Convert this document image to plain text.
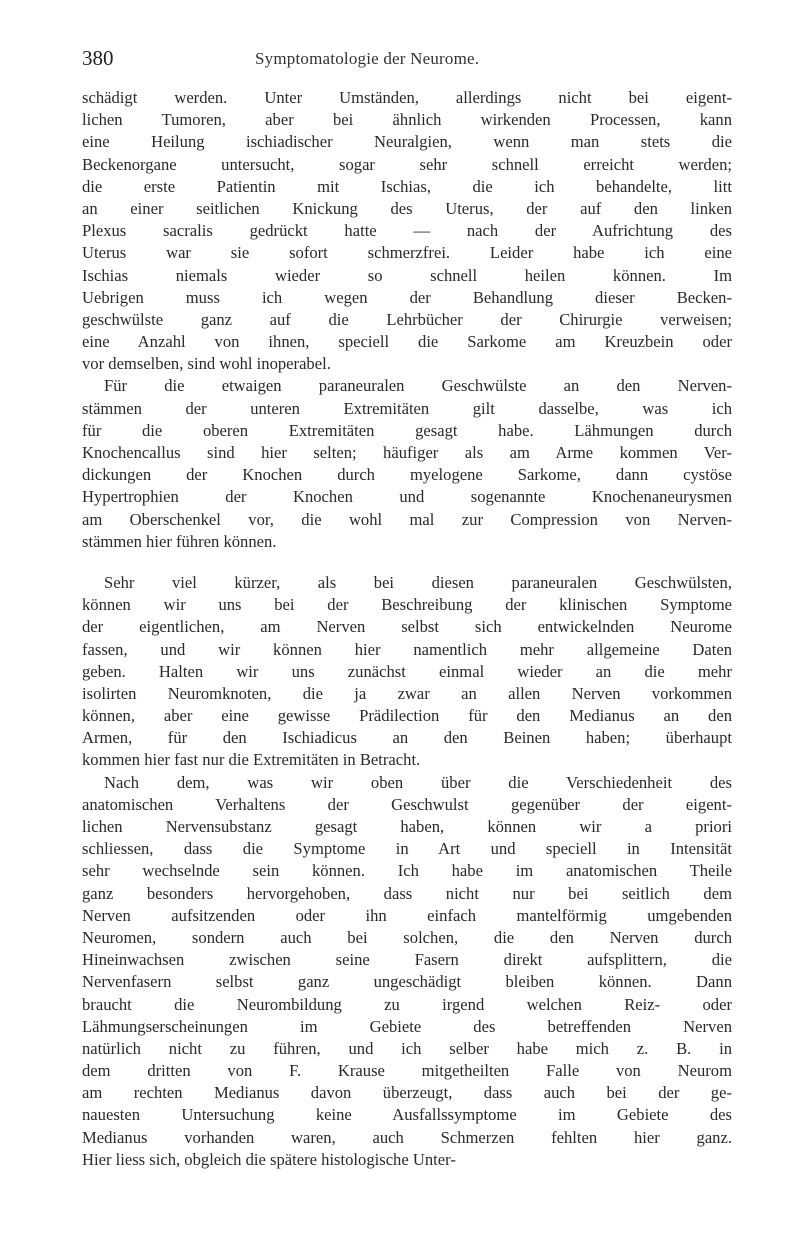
380	Symptomatologie der Neurome.
schädigt werden. Unter Umständen, allerdings nicht bei eigent-
lichen Tumoren, aber bei ähnlich wirkenden Processen, kann
eine Heilung ischiadischer Neuralgien, wenn man stets die
Beckenorgane untersucht, sogar sehr schnell erreicht werden;
die erste Patientin mit Ischias, die ich behandelte, litt
an einer seitlichen Knickung des Uterus, der auf den linken
Plexus sacralis gedrückt hatte — nach der Aufrichtung des
Uterus war sie sofort schmerzfrei. Leider habe ich eine
Ischias niemals wieder so schnell heilen können. Im
Uebrigen muss ich wegen der Behandlung dieser Becken-
geschwülste ganz auf die Lehrbücher der Chirurgie verweisen;
eine Anzahl von ihnen, speciell die Sarkome am Kreuzbein oder
vor demselben, sind wohl inoperabel.
Für die etwaigen paraneuralen Geschwülste an den Nerven-
stämmen der unteren Extremitäten gilt dasselbe, was ich
für die oberen Extremitäten gesagt habe. Lähmungen durch
Knochencallus sind hier selten; häufiger als am Arme kommen Ver-
dickungen der Knochen durch myelogene Sarkome, dann cystöse
Hypertrophien der Knochen und sogenannte Knochenaneurysmen
am Oberschenkel vor, die wohl mal zur Compression von Nerven-
stämmen hier führen können.
Sehr viel kürzer, als bei diesen paraneuralen Geschwülsten,
können wir uns bei der Beschreibung der klinischen Symptome
der eigentlichen, am Nerven selbst sich entwickelnden Neurome
fassen, und wir können hier namentlich mehr allgemeine Daten
geben. Halten wir uns zunächst einmal wieder an die mehr
isolirten Neuromknoten, die ja zwar an allen Nerven vorkommen
können, aber eine gewisse Prädilection für den Medianus an den
Armen, für den Ischiadicus an den Beinen haben; überhaupt
kommen hier fast nur die Extremitäten in Betracht.
Nach dem, was wir oben über die Verschiedenheit des
anatomischen Verhaltens der Geschwulst gegenüber der eigent-
lichen Nervensubstanz gesagt haben, können wir a priori
schliessen, dass die Symptome in Art und speciell in Intensität
sehr wechselnde sein können. Ich habe im anatomischen Theile
ganz besonders hervorgehoben, dass nicht nur bei seitlich dem
Nerven aufsitzenden oder ihn einfach mantelförmig umgebenden
Neuromen, sondern auch bei solchen, die den Nerven durch
Hineinwachsen zwischen seine Fasern direkt aufsplittern, die
Nervenfasern selbst ganz ungeschädigt bleiben können. Dann
braucht die Neurombildung zu irgend welchen Reiz- oder
Lähmungserscheinungen im Gebiete des betreffenden Nerven
natürlich nicht zu führen, und ich selber habe mich z. B. in
dem dritten von F. Krause mitgetheilten Falle von Neurom
am rechten Medianus davon überzeugt, dass auch bei der ge-
nauesten Untersuchung keine Ausfallssymptome im Gebiete des
Medianus vorhanden waren, auch Schmerzen fehlten hier ganz.
Hier liess sich, obgleich die spätere histologische Unter-
